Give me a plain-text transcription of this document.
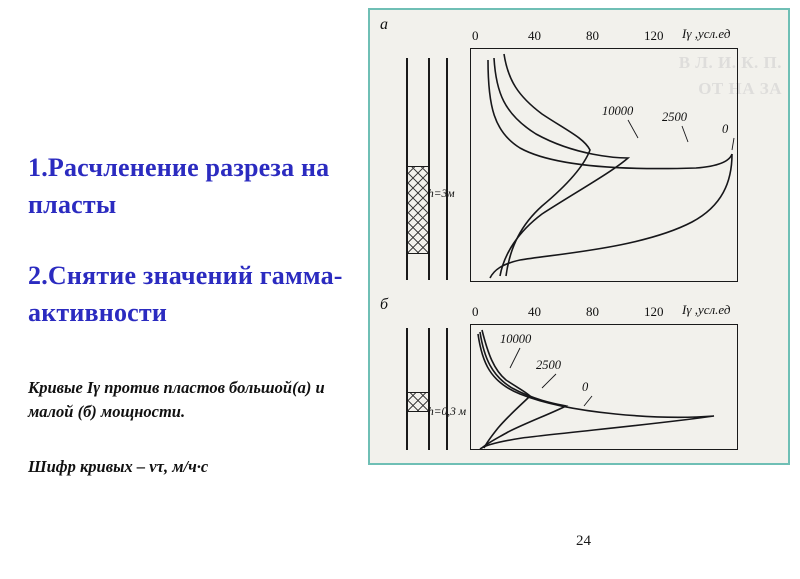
1.Расчленение разреза на пласты
2.Снятие значений гамма-активности
Кривые Iγ против пластов большой(а) и малой (б) мощности.
Шифр кривых – vτ, м/ч·с
24
В Л. И. К. П. ОТ НА ЗА
а
h=3м
0	40	80	120 Iγ ,усл.ед
10000 2500
0
б
h=0,3 м
0	40	80	120 Iγ ,усл.ед
10000
2500
0
